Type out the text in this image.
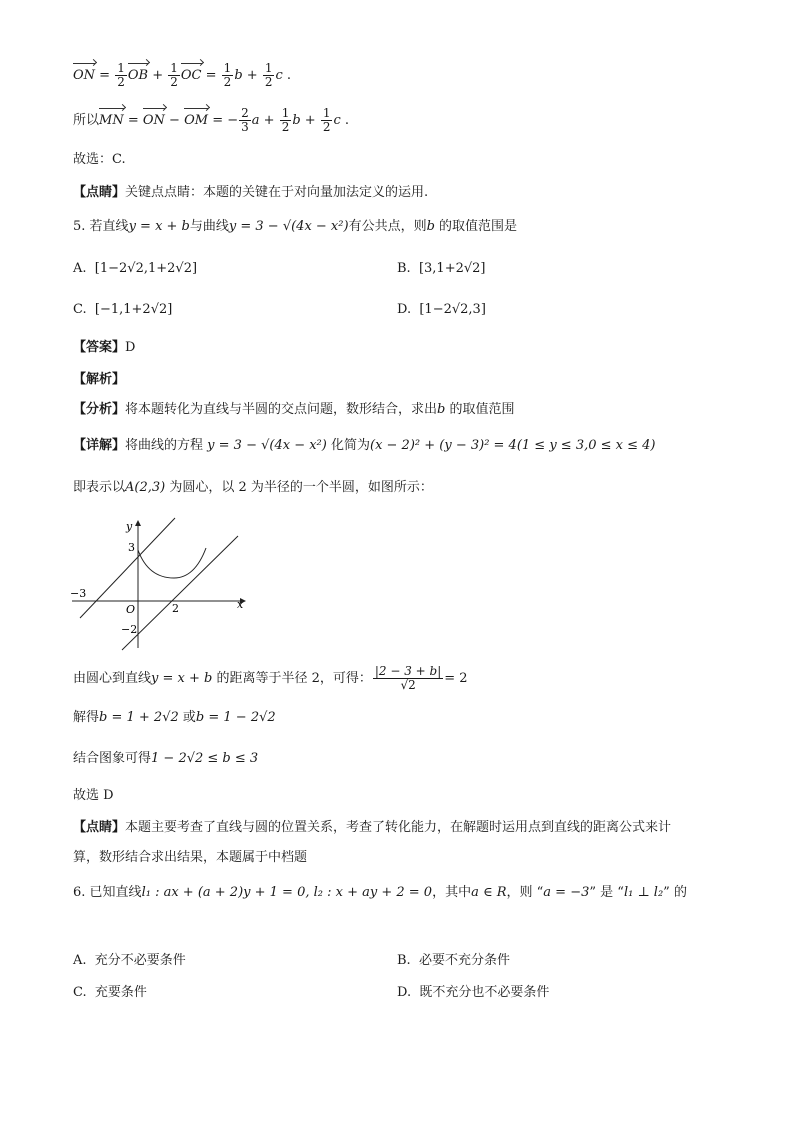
ON = $\frac{1}{2}$ OB + $\frac{1}{2}$ OC = $\frac{1}{2}$ $b + \frac{1}{2}$ c .
所以MN = ON − OM = − $\frac{2}{3}$ $a + \frac{1}{2}$ $b + \frac{1}{2}$ c .
故选：C.
【点睛】关键点点睛：本题的关键在于对向量加法定义的运用.
5. 若直线y = x + b与曲线y = 3 − √(4x − x²)有公共点，则b 的取值范围是
A. [1−2√2,1+2√2]	B. [3,1+2√2]
C. [−1,1+2√2]	D. [1−2√2,3]
【答案】D
【解析】
【分析】将本题转化为直线与半圆的交点问题，数形结合，求出b 的取值范围
【详解】将曲线的方程 y = 3 − √(4x − x²) 化简为(x − 2)² + (y − 3)² = 4(1 ≤ y ≤ 3,0 ≤ x ≤ 4)
即表示以A(2,3) 为圆心，以 2 为半径的一个半圆，如图所示：
y
x
O
3
−3
2
−2
由圆心到直线y = x + b 的距离等于半径 2，可得： $\frac{|2 - 3 + b|}{√2} = 2$
解得b = 1 + 2√2 或b = 1 − 2√2
结合图象可得1 − 2√2 ≤ b ≤ 3
故选 D
【点睛】本题主要考查了直线与圆的位置关系，考查了转化能力，在解题时运用点到直线的距离公式来计
算，数形结合求出结果，本题属于中档题
6. 已知直线l₁ : ax + (a + 2)y + 1 = 0, l₂ : x + ay + 2 = 0，其中a ∈ R，则 “a = −3” 是 “l₁ ⊥ l₂” 的
A. 充分不必要条件	B. 必要不充分条件
C. 充要条件	D. 既不充分也不必要条件
